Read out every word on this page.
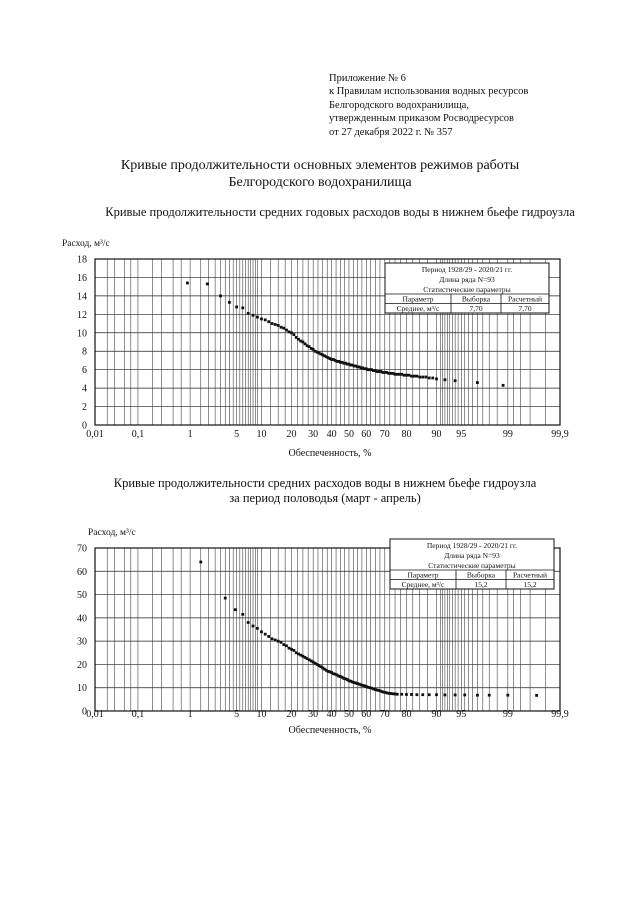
Приложение № 6
к Правилам использования водных ресурсов
Белгородского водохранилища,
утвержденным приказом Росводресурсов
от 27 декабря 2022 г. № 357
Кривые продолжительности основных элементов режимов работы
Белгородского водохранилища
Кривые продолжительности средних годовых расходов воды в нижнем бьефе гидроузла
Кривые продолжительности средних расходов воды в нижнем бьефе гидроузла
за период половодья (март - апрель)
0
2
4
6
8
10
12
14
16
18
0,01	0,1	1	5 10 20 30 40 50 60 70 80 90 95	99	99,9
Расход, м³/с
Обеспеченность, %
Период 1928/29 - 2020/21 гг.
Длина ряда N=93
Статистические параметры
Параметр	Выборка Расчетный
Среднее, м³/с	7,70	7,70
0
10
20
30
40
50
60
70
0,01	0,1	1	5 10 20 30 40 50 60 70 80 90 95	99	99,9
Расход, м³/с
Обеспеченность, %
Период 1928/29 - 2020/21 гг.
Длина ряда N=93
Статистические параметры
Параметр	Выборка Расчетный
Среднее, м³/с	15,2	15,2
